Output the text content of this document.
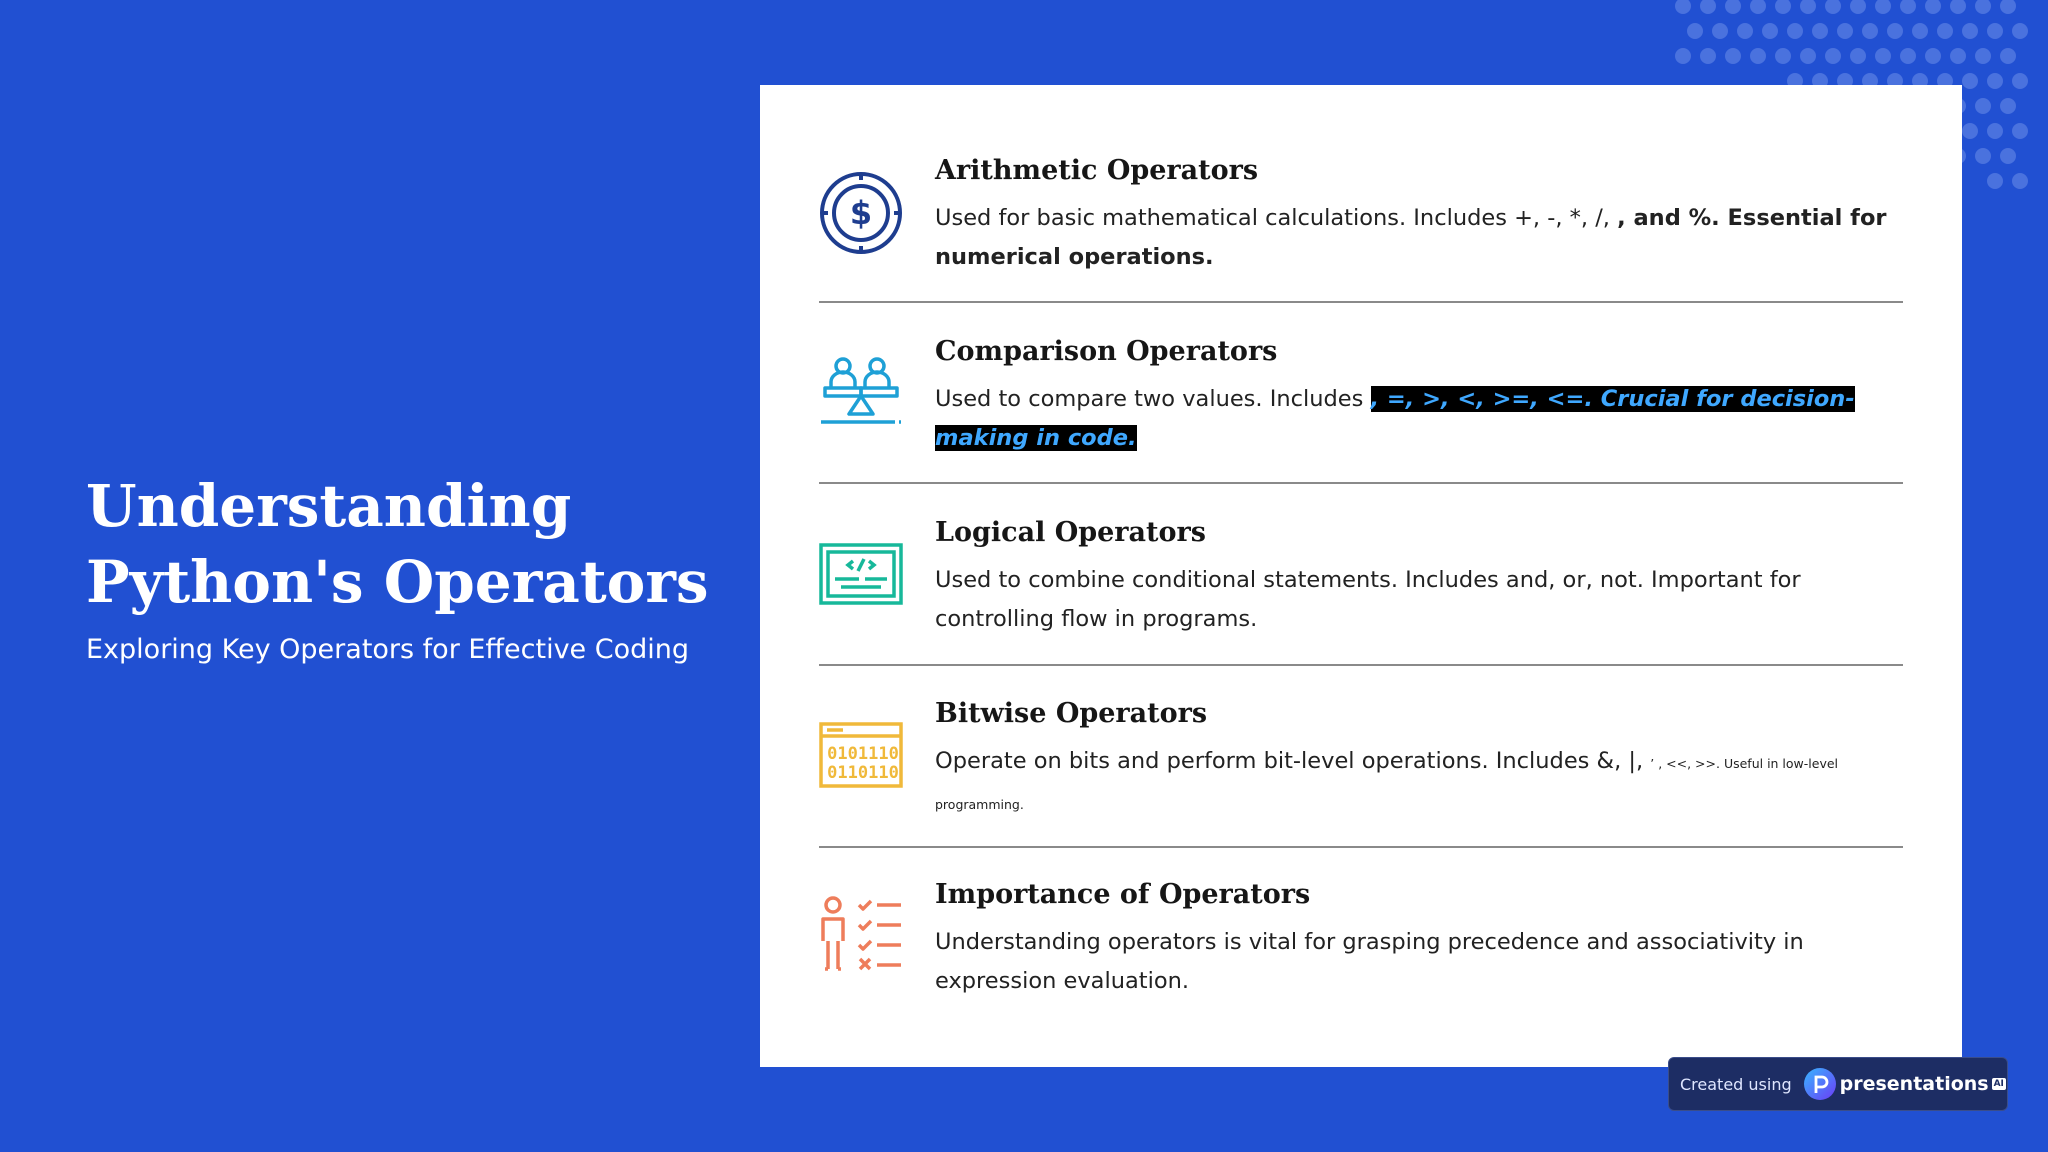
Understanding
Python's Operators
Exploring Key Operators for Effective Coding
$
Arithmetic Operators

Used for basic mathematical calculations. Includes +, -, *, /, , and %. Essential for numerical operations.

Comparison Operators

Used to compare two values. Includes , =, >, <, >=, <=. Crucial for decision-making in code.

Logical Operators

Used to combine conditional statements. Includes and, or, not. Important for controlling flow in programs.

0101110
0110110
Bitwise Operators

Operate on bits and perform bit-level operations. Includes &, |, ’ , <<, >>. Useful in low-level programming.

Importance of Operators

Understanding operators is vital for grasping precedence and associativity in expression evaluation.

Created using	presentations AI
